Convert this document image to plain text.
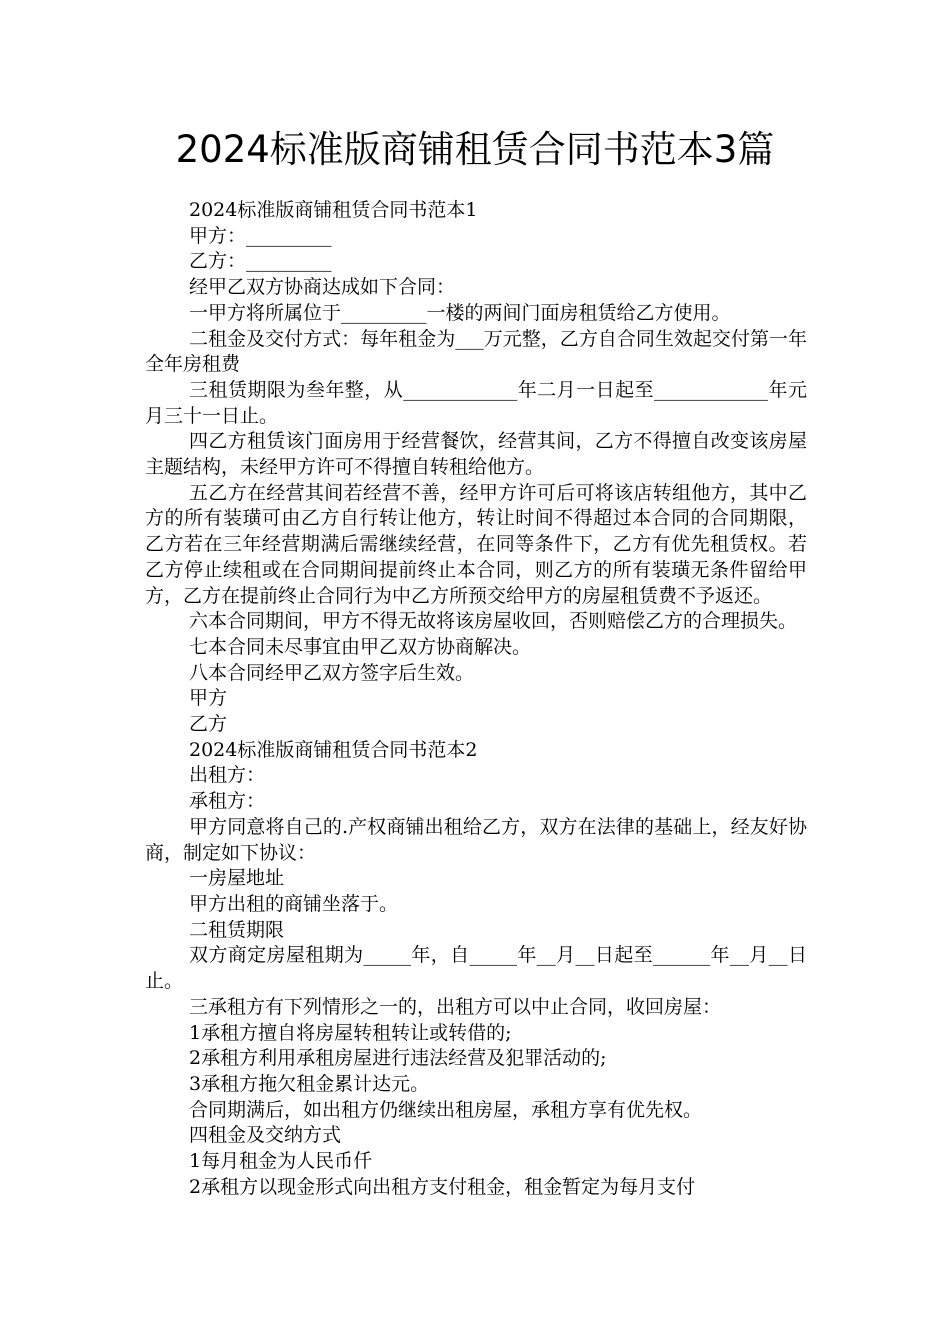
2024标准版商铺租赁合同书范本3篇

2024标准版商铺租赁合同书范本1

甲方：_________

乙方：_________

经甲乙双方协商达成如下合同：

一甲方将所属位于_________一楼的两间门面房租赁给乙方使用。

二租金及交付方式：每年租金为___万元整，乙方自合同生效起交付第一年全年房租费

三租赁期限为叁年整，从____________年二月一日起至____________年元月三十一日止。

四乙方租赁该门面房用于经营餐饮，经营其间，乙方不得擅自改变该房屋主题结构，未经甲方许可不得擅自转租给他方。

五乙方在经营其间若经营不善，经甲方许可后可将该店转组他方，其中乙方的所有装璜可由乙方自行转让他方，转让时间不得超过本合同的合同期限，乙方若在三年经营期满后需继续经营，在同等条件下，乙方有优先租赁权。若乙方停止续租或在合同期间提前终止本合同，则乙方的所有装璜无条件留给甲方，乙方在提前终止合同行为中乙方所预交给甲方的房屋租赁费不予返还。

六本合同期间，甲方不得无故将该房屋收回，否则赔偿乙方的合理损失。

七本合同未尽事宜由甲乙双方协商解决。

八本合同经甲乙双方签字后生效。

甲方

乙方

2024标准版商铺租赁合同书范本2

出租方：

承租方：

甲方同意将自己的.产权商铺出租给乙方，双方在法律的基础上，经友好协商，制定如下协议：

一房屋地址

甲方出租的商铺坐落于。

二租赁期限

双方商定房屋租期为_____年，自_____年__月__日起至______年__月__日止。

三承租方有下列情形之一的，出租方可以中止合同，收回房屋：

1承租方擅自将房屋转租转让或转借的;

2承租方利用承租房屋进行违法经营及犯罪活动的;

3承租方拖欠租金累计达元。

合同期满后，如出租方仍继续出租房屋，承租方享有优先权。

四租金及交纳方式

1每月租金为人民币仟

2承租方以现金形式向出租方支付租金，租金暂定为每月支付
